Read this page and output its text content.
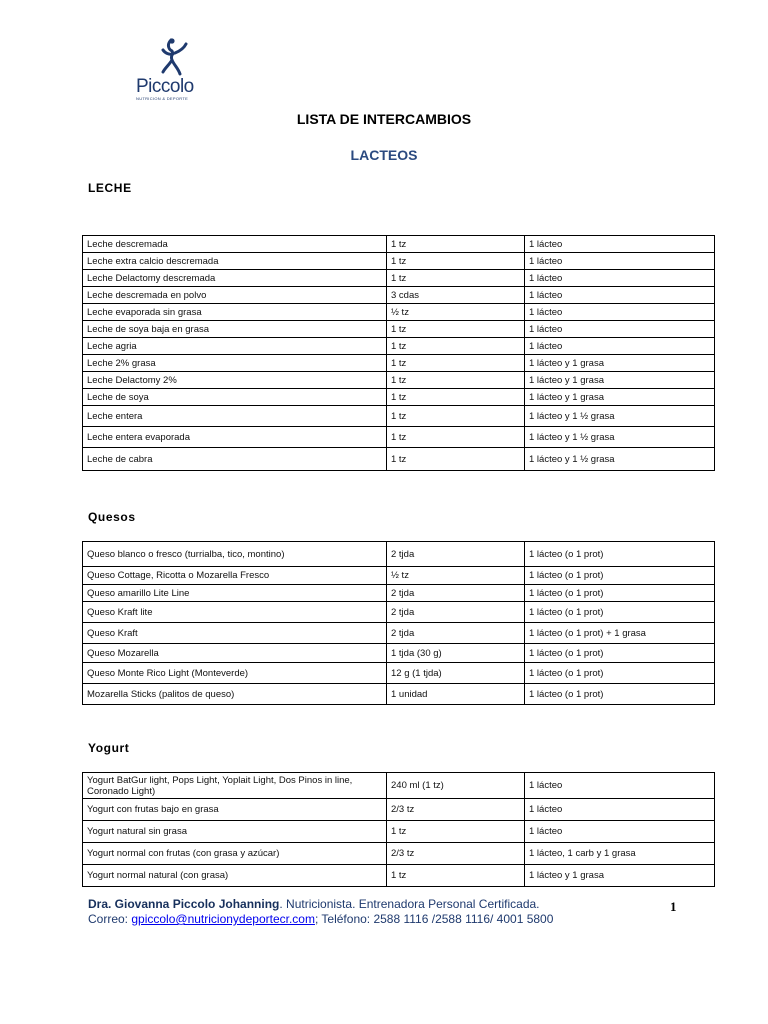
Piccolo
NUTRICION & DEPORTE
LISTA DE INTERCAMBIOS
LACTEOS
LECHE
Leche descremada	1 tz	1 lácteo
Leche extra calcio descremada	1 tz	1 lácteo
Leche Delactomy descremada	1 tz	1 lácteo
Leche descremada en polvo	3 cdas	1 lácteo
Leche evaporada sin grasa	½ tz	1 lácteo
Leche de soya baja en grasa	1 tz	1 lácteo
Leche agria	1 tz	1 lácteo
Leche 2% grasa	1 tz	1 lácteo y 1 grasa
Leche Delactomy 2%	1 tz	1 lácteo y 1 grasa
Leche de soya	1 tz	1 lácteo y 1 grasa
Leche entera	1 tz	1 lácteo y 1 ½ grasa
Leche entera evaporada	1 tz	1 lácteo y 1 ½ grasa
Leche de cabra	1 tz	1 lácteo y 1 ½ grasa
Quesos
Queso blanco o fresco (turrialba, tico, montino)	2 tjda	1 lácteo (o 1 prot)
Queso Cottage, Ricotta o Mozarella Fresco	½ tz	1 lácteo (o 1 prot)
Queso amarillo Lite Line	2 tjda	1 lácteo (o 1 prot)
Queso Kraft lite	2 tjda	1 lácteo (o 1 prot)
Queso Kraft	2 tjda	1 lácteo (o 1 prot) + 1 grasa
Queso Mozarella	1 tjda (30 g)	1 lácteo (o 1 prot)
Queso Monte Rico Light (Monteverde)	12 g (1 tjda)	1 lácteo (o 1 prot)
Mozarella Sticks (palitos de queso)	1 unidad	1 lácteo (o 1 prot)
Yogurt
Yogurt BatGur light, Pops Light, Yoplait Light, Dos Pinos in line, Coronado Light)	240 ml (1 tz)	1 lácteo
Yogurt con frutas bajo en grasa	2/3 tz	1 lácteo
Yogurt natural sin grasa	1 tz	1 lácteo
Yogurt normal con frutas (con grasa y azúcar)	2/3 tz	1 lácteo, 1 carb y 1 grasa
Yogurt normal natural (con grasa)	1 tz	1 lácteo y 1 grasa
Dra. Giovanna Piccolo Johanning. Nutricionista. Entrenadora Personal Certificada.
Correo: gpiccolo@nutricionydeportecr.com; Teléfono: 2588 1116 /2588 1116/ 4001 5800
1
